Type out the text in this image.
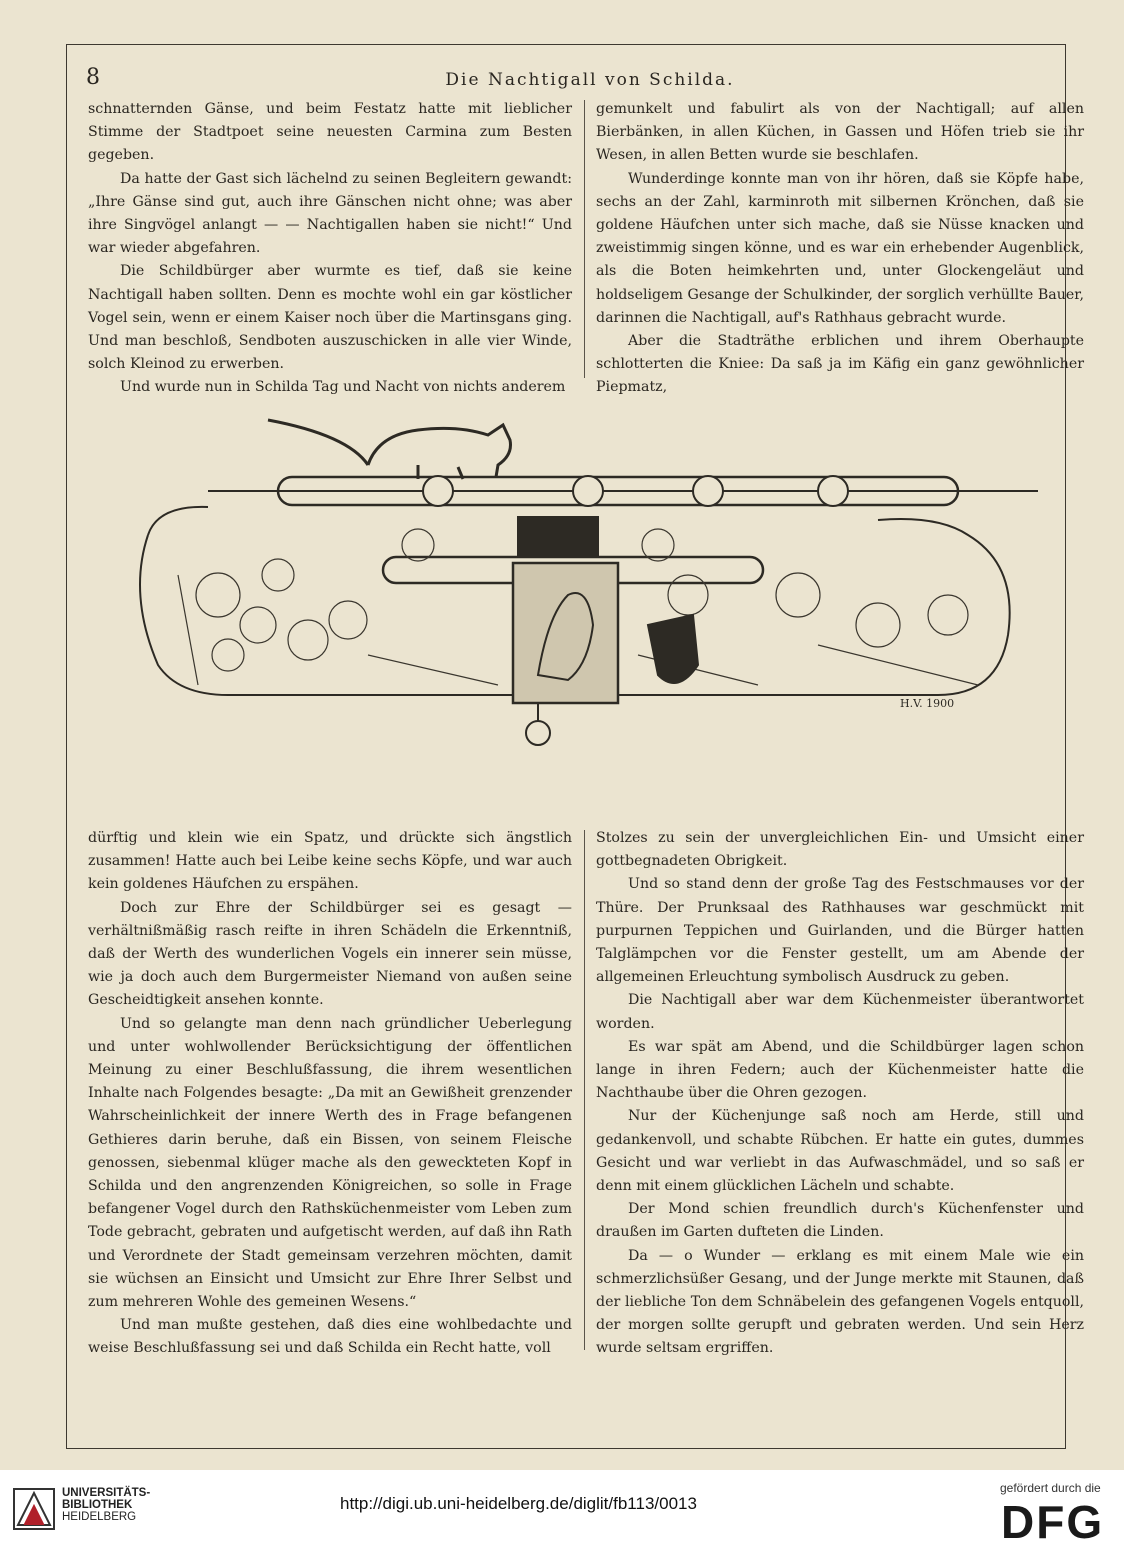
8	Die Nachtigall von Schilda.

schnatternden Gänse, und beim Festatz hatte mit lieblicher Stimme der Stadtpoet seine neuesten Carmina zum Besten gegeben.

Da hatte der Gast sich lächelnd zu seinen Begleitern gewandt: „Ihre Gänse sind gut, auch ihre Gänschen nicht ohne; was aber ihre Singvögel anlangt — — Nachtigallen haben sie nicht!“ Und war wieder abgefahren.

Die Schildbürger aber wurmte es tief, daß sie keine Nachtigall haben sollten. Denn es mochte wohl ein gar köstlicher Vogel sein, wenn er einem Kaiser noch über die Martinsgans ging. Und man beschloß, Sendboten auszuschicken in alle vier Winde, solch Kleinod zu erwerben.

Und wurde nun in Schilda Tag und Nacht von nichts anderem

gemunkelt und fabulirt als von der Nachtigall; auf allen Bierbänken, in allen Küchen, in Gassen und Höfen trieb sie ihr Wesen, in allen Betten wurde sie beschlafen.

Wunderdinge konnte man von ihr hören, daß sie Köpfe habe, sechs an der Zahl, karminroth mit silbernen Krönchen, daß sie goldene Häufchen unter sich mache, daß sie Nüsse knacken und zweistimmig singen könne, und es war ein erhebender Augenblick, als die Boten heimkehrten und, unter Glockengeläut und holdseligem Gesange der Schulkinder, der sorglich verhüllte Bauer, darinnen die Nachtigall, auf's Rathhaus gebracht wurde.

Aber die Stadträthe erblichen und ihrem Oberhaupte schlotterten die Kniee: Da saß ja im Käfig ein ganz gewöhnlicher Piepmatz,

H.V. 1900

dürftig und klein wie ein Spatz, und drückte sich ängstlich zusammen! Hatte auch bei Leibe keine sechs Köpfe, und war auch kein goldenes Häufchen zu erspähen.

Doch zur Ehre der Schildbürger sei es gesagt — verhältnißmäßig rasch reifte in ihren Schädeln die Erkenntniß, daß der Werth des wunderlichen Vogels ein innerer sein müsse, wie ja doch auch dem Burgermeister Niemand von außen seine Gescheidtigkeit ansehen konnte.

Und so gelangte man denn nach gründlicher Ueberlegung und unter wohlwollender Berücksichtigung der öffentlichen Meinung zu einer Beschlußfassung, die ihrem wesentlichen Inhalte nach Folgendes besagte: „Da mit an Gewißheit grenzender Wahrscheinlichkeit der innere Werth des in Frage befangenen Gethieres darin beruhe, daß ein Bissen, von seinem Fleische genossen, siebenmal klüger mache als den geweckteten Kopf in Schilda und den angrenzenden Königreichen, so solle in Frage befangener Vogel durch den Rathsküchenmeister vom Leben zum Tode gebracht, gebraten und aufgetischt werden, auf daß ihn Rath und Verordnete der Stadt gemeinsam verzehren möchten, damit sie wüchsen an Einsicht und Umsicht zur Ehre Ihrer Selbst und zum mehreren Wohle des gemeinen Wesens.“

Und man mußte gestehen, daß dies eine wohlbedachte und weise Beschlußfassung sei und daß Schilda ein Recht hatte, voll

Stolzes zu sein der unvergleichlichen Ein- und Umsicht einer gottbegnadeten Obrigkeit.

Und so stand denn der große Tag des Festschmauses vor der Thüre. Der Prunksaal des Rathhauses war geschmückt mit purpurnen Teppichen und Guirlanden, und die Bürger hatten Talglämpchen vor die Fenster gestellt, um am Abende der allgemeinen Erleuchtung symbolisch Ausdruck zu geben.

Die Nachtigall aber war dem Küchenmeister überantwortet worden.

Es war spät am Abend, und die Schildbürger lagen schon lange in ihren Federn; auch der Küchenmeister hatte die Nachthaube über die Ohren gezogen.

Nur der Küchenjunge saß noch am Herde, still und gedankenvoll, und schabte Rübchen. Er hatte ein gutes, dummes Gesicht und war verliebt in das Aufwaschmädel, und so saß er denn mit einem glücklichen Lächeln und schabte.

Der Mond schien freundlich durch's Küchenfenster und draußen im Garten dufteten die Linden.

Da — o Wunder — erklang es mit einem Male wie ein schmerzlichsüßer Gesang, und der Junge merkte mit Staunen, daß der liebliche Ton dem Schnäbelein des gefangenen Vogels entquoll, der morgen sollte gerupft und gebraten werden. Und sein Herz wurde seltsam ergriffen.

UNIVERSITÄTS-
BIBLIOTHEK
HEIDELBERG
http://digi.ub.uni-heidelberg.de/diglit/fb113/0013
gefördert durch die
DFG
